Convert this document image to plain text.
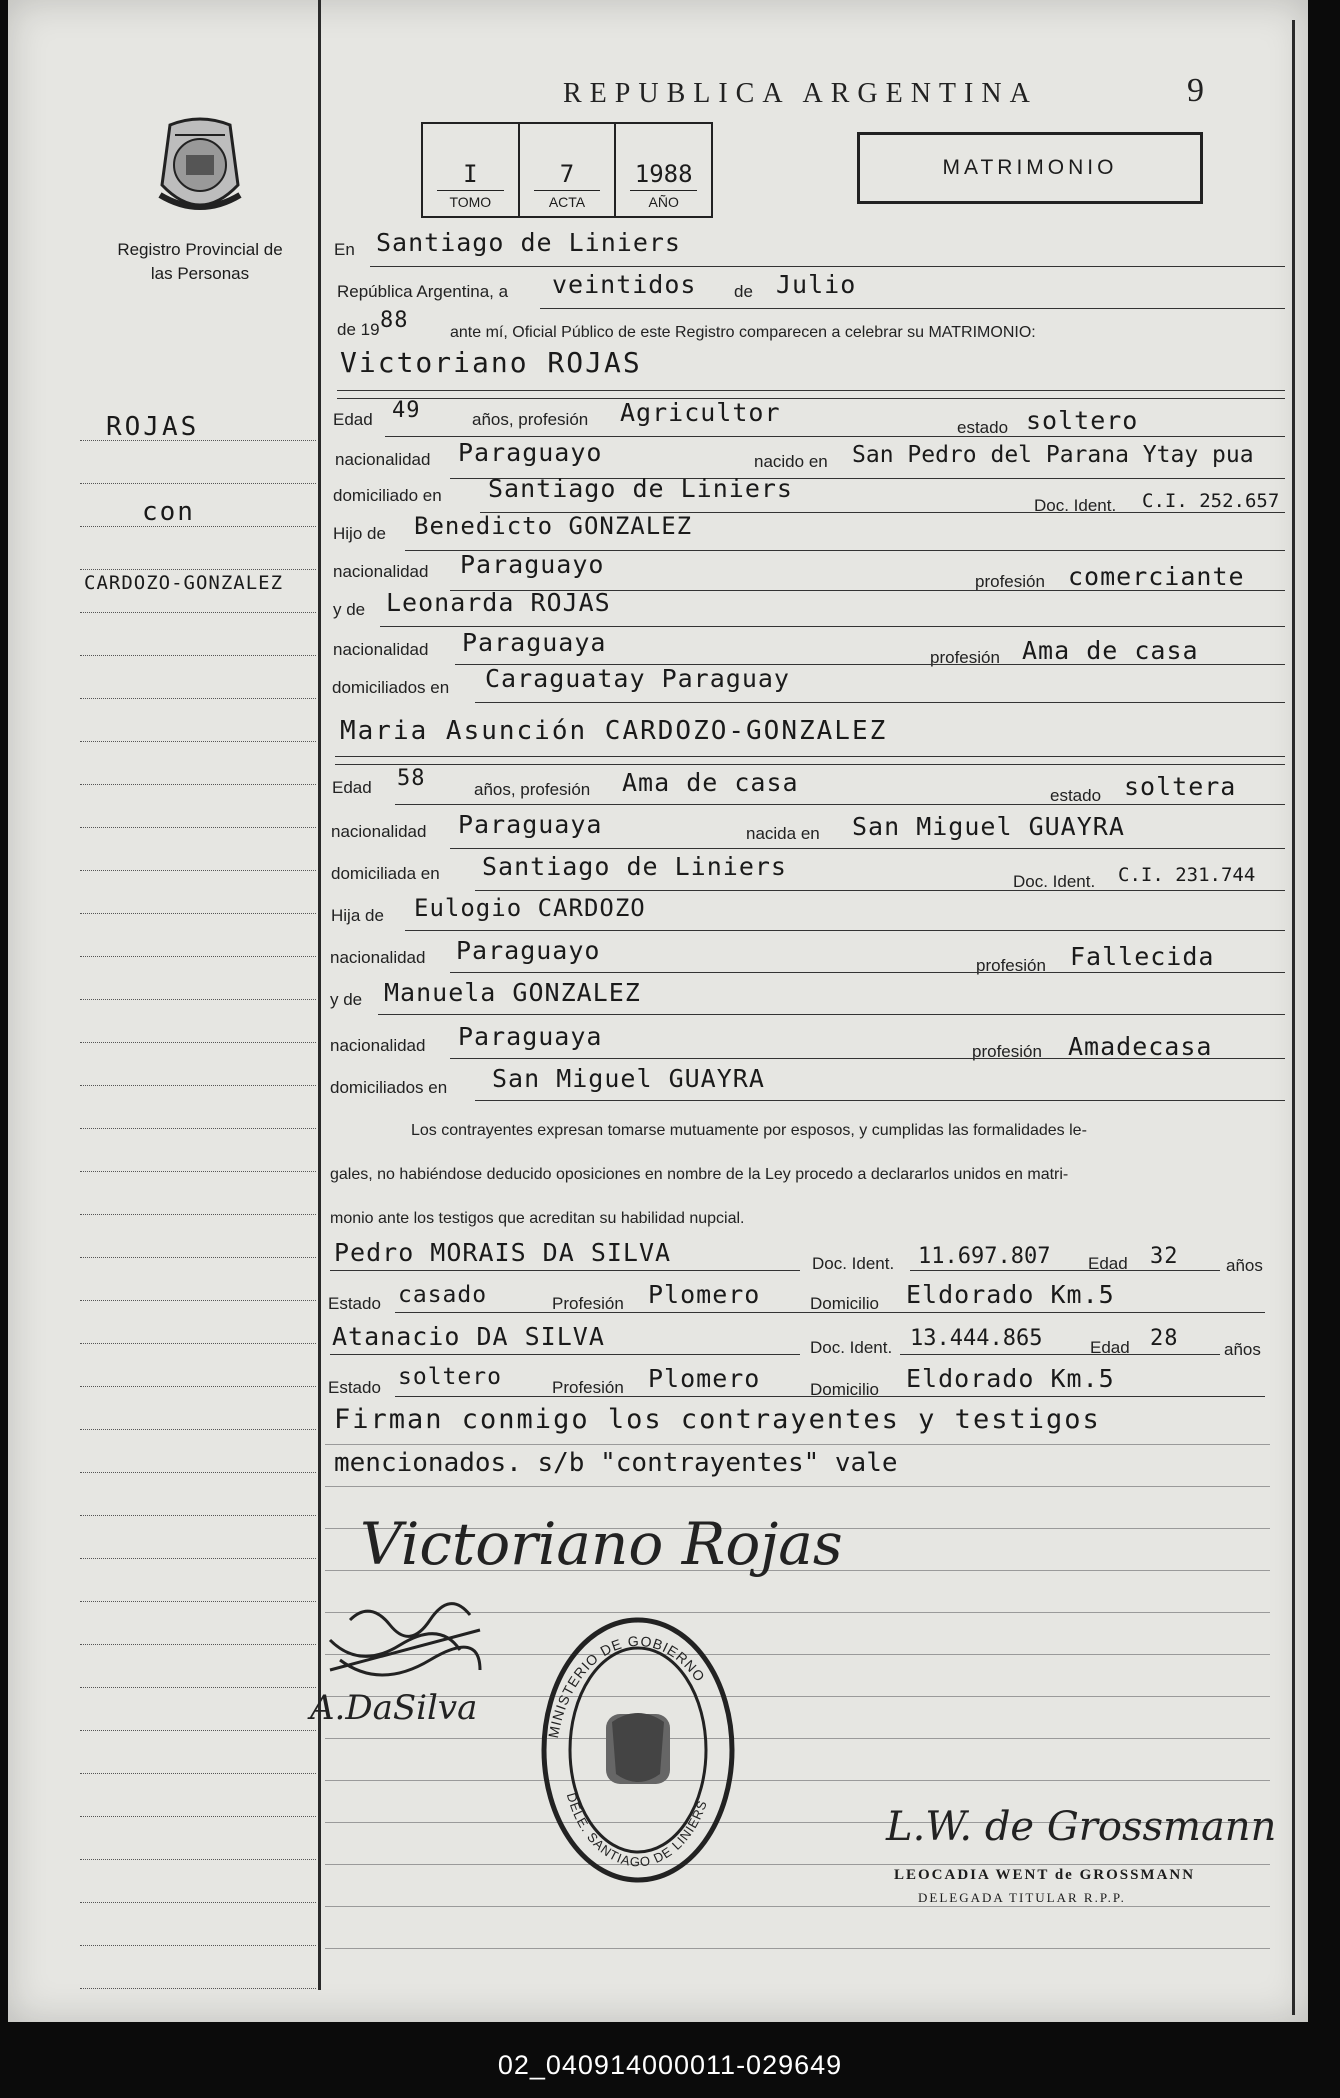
Registro Provincial de las Personas
ROJAS
con
CARDOZO-GONZALEZ
REPUBLICA ARGENTINA	9
MATRIMONIO
I
TOMO
7
ACTA
1988
AÑO
En Santiago de Liniers
República Argentina, a veintidos de Julio
de 19 88	ante mí, Oficial Público de este Registro comparecen a celebrar su MATRIMONIO:
Victoriano ROJAS
Edad 49	años, profesión Agricultor
estado soltero
nacionalidad Paraguayo	nacido en San Pedro del Parana Ytay pua
domiciliado en Santiago de Liniers
Doc. Ident. C.I. 252.657
Hijo de Benedicto GONZALEZ
nacionalidad Paraguayo
profesión comerciante
y de Leonarda ROJAS
nacionalidad Paraguaya
profesión Ama de casa
domiciliados en Caraguatay Paraguay
Maria Asunción CARDOZO-GONZALEZ
Edad 58	años, profesión Ama de casa	estado soltera
nacionalidad Paraguaya	nacida en San Miguel GUAYRA
domiciliada en Santiago de Liniers
Doc. Ident. C.I. 231.744
Hija de Eulogio CARDOZO
nacionalidad Paraguayo
profesión Fallecida
y de Manuela GONZALEZ
nacionalidad Paraguaya
profesión Amadecasa
domiciliados en San Miguel GUAYRA
Los contrayentes expresan tomarse mutuamente por esposos, y cumplidas las formalidades le-
gales, no habiéndose deducido oposiciones en nombre de la Ley procedo a declararlos unidos en matri-
monio ante los testigos que acreditan su habilidad nupcial.
Pedro MORAIS DA SILVA	Doc. Ident. 11.697.807 Edad 32	años
Estado casado	Profesión Plomero	Domicilio Eldorado Km.5
Atanacio DA SILVA	Doc. Ident. 13.444.865	Edad 28	años
Estado soltero	Profesión Plomero	Domicilio Eldorado Km.5
Firman conmigo los contrayentes y testigos
mencionados. s/b "contrayentes" vale
Victoriano Rojas
A.DaSilva
MINISTERIO DE GOBIERNO
DELE. SANTIAGO DE LINIERS	L.W. de Grossmann
LEOCADIA WENT de GROSSMANN
DELEGADA TITULAR R.P.P.
02_040914000011-029649
